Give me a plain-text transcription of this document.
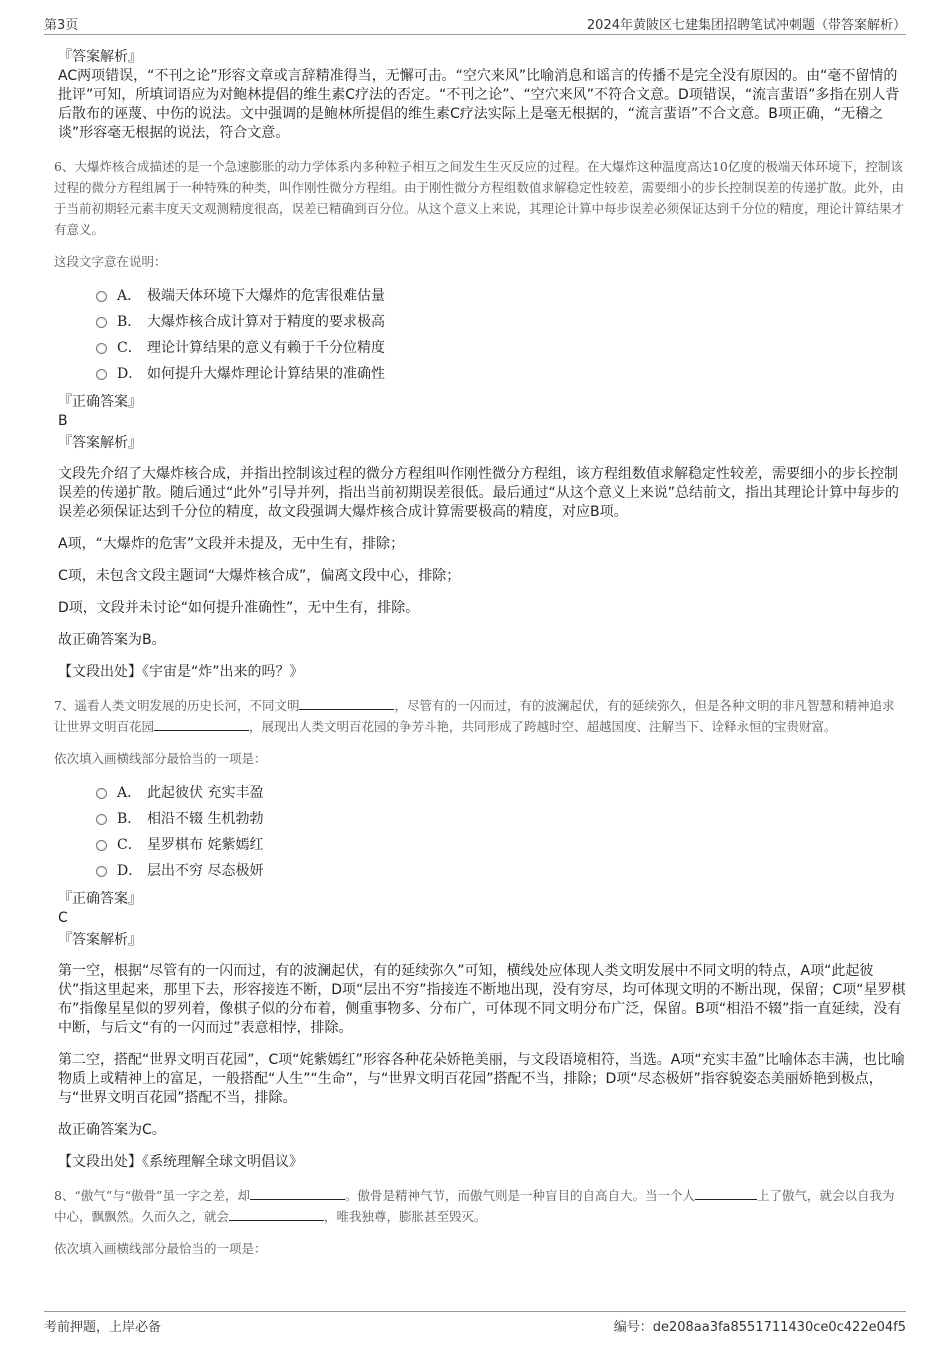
第3页	2024年黄陂区七建集团招聘笔试冲刺题（带答案解析）
『答案解析』
AC两项错误，“不刊之论”形容文章或言辞精准得当，无懈可击。“空穴来风”比喻消息和谣言的传播不是完全没有原因的。由“毫不留情的批评”可知，所填词语应为对鲍林提倡的维生素C疗法的否定。“不刊之论”、“空穴来风”不符合文意。D项错误，“流言蜚语”多指在别人背后散布的诬蔑、中伤的说法。文中强调的是鲍林所提倡的维生素C疗法实际上是毫无根据的，“流言蜚语”不合文意。B项正确，“无稽之谈”形容毫无根据的说法，符合文意。
6、大爆炸核合成描述的是一个急速膨胀的动力学体系内多种粒子相互之间发生生灭反应的过程。在大爆炸这种温度高达10亿度的极端天体环境下，控制该过程的微分方程组属于一种特殊的种类，叫作刚性微分方程组。由于刚性微分方程组数值求解稳定性较差，需要细小的步长控制误差的传递扩散。此外，由于当前初期轻元素丰度天文观测精度很高，误差已精确到百分位。从这个意义上来说，其理论计算中每步误差必须保证达到千分位的精度，理论计算结果才有意义。
这段文字意在说明：
A． 极端天体环境下大爆炸的危害很难估量
B． 大爆炸核合成计算对于精度的要求极高
C． 理论计算结果的意义有赖于千分位精度
D． 如何提升大爆炸理论计算结果的准确性
『正确答案』
B
『答案解析』
文段先介绍了大爆炸核合成，并指出控制该过程的微分方程组叫作刚性微分方程组，该方程组数值求解稳定性较差，需要细小的步长控制误差的传递扩散。随后通过“此外”引导并列，指出当前初期误差很低。最后通过“从这个意义上来说”总结前文，指出其理论计算中每步的误差必须保证达到千分位的精度，故文段强调大爆炸核合成计算需要极高的精度，对应B项。
A项，“大爆炸的危害”文段并未提及，无中生有，排除；
C项，未包含文段主题词“大爆炸核合成”，偏离文段中心，排除；
D项，文段并未讨论“如何提升准确性”，无中生有，排除。
故正确答案为B。
【文段出处】《宇宙是“炸”出来的吗？》
7、遥看人类文明发展的历史长河，不同文明	，尽管有的一闪而过，有的波澜起伏，有的延续弥久，但是各种文明的非凡智慧和精神追求让世界文明百花园	，展现出人类文明百花园的争芳斗艳，共同形成了跨越时空、超越国度、注解当下、诠释永恒的宝贵财富。
依次填入画横线部分最恰当的一项是：
A． 此起彼伏 充实丰盈
B． 相沿不辍 生机勃勃
C． 星罗棋布 姹紫嫣红
D． 层出不穷 尽态极妍
『正确答案』
C
『答案解析』
第一空，根据“尽管有的一闪而过，有的波澜起伏，有的延续弥久”可知，横线处应体现人类文明发展中不同文明的特点，A项“此起彼伏”指这里起来，那里下去，形容接连不断，D项“层出不穷”指接连不断地出现，没有穷尽，均可体现文明的不断出现，保留；C项“星罗棋布”指像星星似的罗列着，像棋子似的分布着，侧重事物多、分布广，可体现不同文明分布广泛，保留。B项“相沿不辍”指一直延续，没有中断，与后文“有的一闪而过”表意相悖，排除。
第二空，搭配“世界文明百花园”，C项“姹紫嫣红”形容各种花朵娇艳美丽，与文段语境相符，当选。A项“充实丰盈”比喻体态丰满，也比喻物质上或精神上的富足，一般搭配“人生”“生命”，与“世界文明百花园”搭配不当，排除；D项“尽态极妍”指容貌姿态美丽娇艳到极点，与“世界文明百花园”搭配不当，排除。
故正确答案为C。
【文段出处】《系统理解全球文明倡议》
8、“傲气”与“傲骨”虽一字之差，却	。傲骨是精神气节，而傲气则是一种盲目的自高自大。当一个人	上了傲气，就会以自我为中心，飘飘然。久而久之，就会	，唯我独尊，膨胀甚至毁灭。
依次填入画横线部分最恰当的一项是：
考前押题，上岸必备	编号：de208aa3fa8551711430ce0c422e04f5
